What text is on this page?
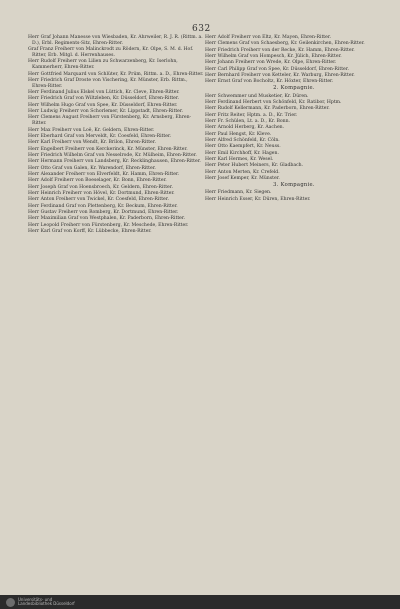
632
Herr Graf Johann Manesse von Wiesbaden, Kr. Ahrweiler, R. J. R. (Rittm. a. D.), Erbl. Regiments-Sitz, Ehren-Ritter.
Graf Franz Freiherr von Malinckrodt zu Rödern, Kr. Olpe, S. M. d. Hof. Ritter, Erb. Mitgl. d. Herrenhauses.
Herr Rudolf Freiherr von Lilien zu Schwarzenberg, Kr. Iserlohn, Kammerherr, Ehren-Ritter.
Herr Gottfried Marquard von Schlüter, Kr. Prüm, Rittm. a. D., Ehren-Ritter.
Herr Friedrich Graf Droste von Vischering, Kr. Münster, Erb. Rittm., Ehren-Ritter.
Herr Ferdinand Julius Elskel von Lüttich, Kr. Cleve, Ehren-Ritter.
Herr Friedrich Graf von Wiltzleben, Kr. Düsseldorf, Ehren-Ritter.
Herr Wilhelm Hugo Graf von Spee, Kr. Düsseldorf, Ehren-Ritter.
Herr Ludwig Freiherr von Schorlemer, Kr. Lippstadt, Ehren-Ritter.
Herr Clemens August Freiherr von Fürstenberg, Kr. Arnsberg, Ehren-Ritter.
Herr Max Freiherr von Loë, Kr. Geldern, Ehren-Ritter.
Herr Eberhard Graf von Merveldt, Kr. Coesfeld, Ehren-Ritter.
Herr Karl Freiherr von Wendt, Kr. Brilon, Ehren-Ritter.
Herr Engelbert Freiherr von Kerckerinck, Kr. Münster, Ehren-Ritter.
Herr Friedrich Wilhelm Graf von Nesselrode, Kr. Mülheim, Ehren-Ritter.
Herr Hermann Freiherr von Landsberg, Kr. Recklinghausen, Ehren-Ritter.
Herr Otto Graf von Galen, Kr. Warendorf, Ehren-Ritter.
Herr Alexander Freiherr von Elverfeldt, Kr. Hamm, Ehren-Ritter.
Herr Adolf Freiherr von Boeselager, Kr. Bonn, Ehren-Ritter.
Herr Joseph Graf von Hoensbroech, Kr. Geldern, Ehren-Ritter.
Herr Heinrich Freiherr von Hövel, Kr. Dortmund, Ehren-Ritter.
Herr Anton Freiherr von Twickel, Kr. Coesfeld, Ehren-Ritter.
Herr Ferdinand Graf von Plettenberg, Kr. Beckum, Ehren-Ritter.
Herr Gustav Freiherr von Romberg, Kr. Dortmund, Ehren-Ritter.
Herr Maximilian Graf von Westphalen, Kr. Paderborn, Ehren-Ritter.
Herr Leopold Freiherr von Fürstenberg, Kr. Meschede, Ehren-Ritter.
Herr Karl Graf von Korff, Kr. Lübbecke, Ehren-Ritter.
Herr Adolf Freiherr von Eltz, Kr. Mayen, Ehren-Ritter.
Herr Clemens Graf von Schaesberg, Kr. Geilenkirchen, Ehren-Ritter.
Herr Friedrich Freiherr von der Recke, Kr. Hamm, Ehren-Ritter.
Herr Wilhelm Graf von Hompesch, Kr. Jülich, Ehren-Ritter.
Herr Johann Freiherr von Wrede, Kr. Olpe, Ehren-Ritter.
Herr Carl Philipp Graf von Spee, Kr. Düsseldorf, Ehren-Ritter.
Herr Bernhard Freiherr von Ketteler, Kr. Warburg, Ehren-Ritter.
Herr Ernst Graf von Bocholtz, Kr. Höxter, Ehren-Ritter.
2. Kompagnie.
Herr Schwemmer und Musketier, Kr. Düren.
Herr Ferdinand Herbert von Schönfeld, Kr. Ratibor, Hptm.
Herr Rudolf Kellermann, Kr. Paderborn, Ehren-Ritter.
Herr Fritz Reiter, Hptm. a. D., Kr. Trier.
Herr Fr. Schülen, Lt. a. D., Kr. Bonn.
Herr Arnold Herberg, Kr. Aachen.
Herr Paul Hengst, Kr. Kleve.
Herr Alfred Schönfeld, Kr. Cöln.
Herr Otto Kaempfert, Kr. Neuss.
Herr Emil Kirchhoff, Kr. Hagen.
Herr Karl Hermes, Kr. Wesel.
Herr Peter Hubert Meiners, Kr. Gladbach.
Herr Anton Merten, Kr. Crefeld.
Herr Josef Kemper, Kr. Münster.
3. Kompagnie.
Herr Friedmann, Kr. Siegen.
Herr Heinrich Esser, Kr. Düren, Ehren-Ritter.
Universitäts- und
Landesbibliothek Düsseldorf
